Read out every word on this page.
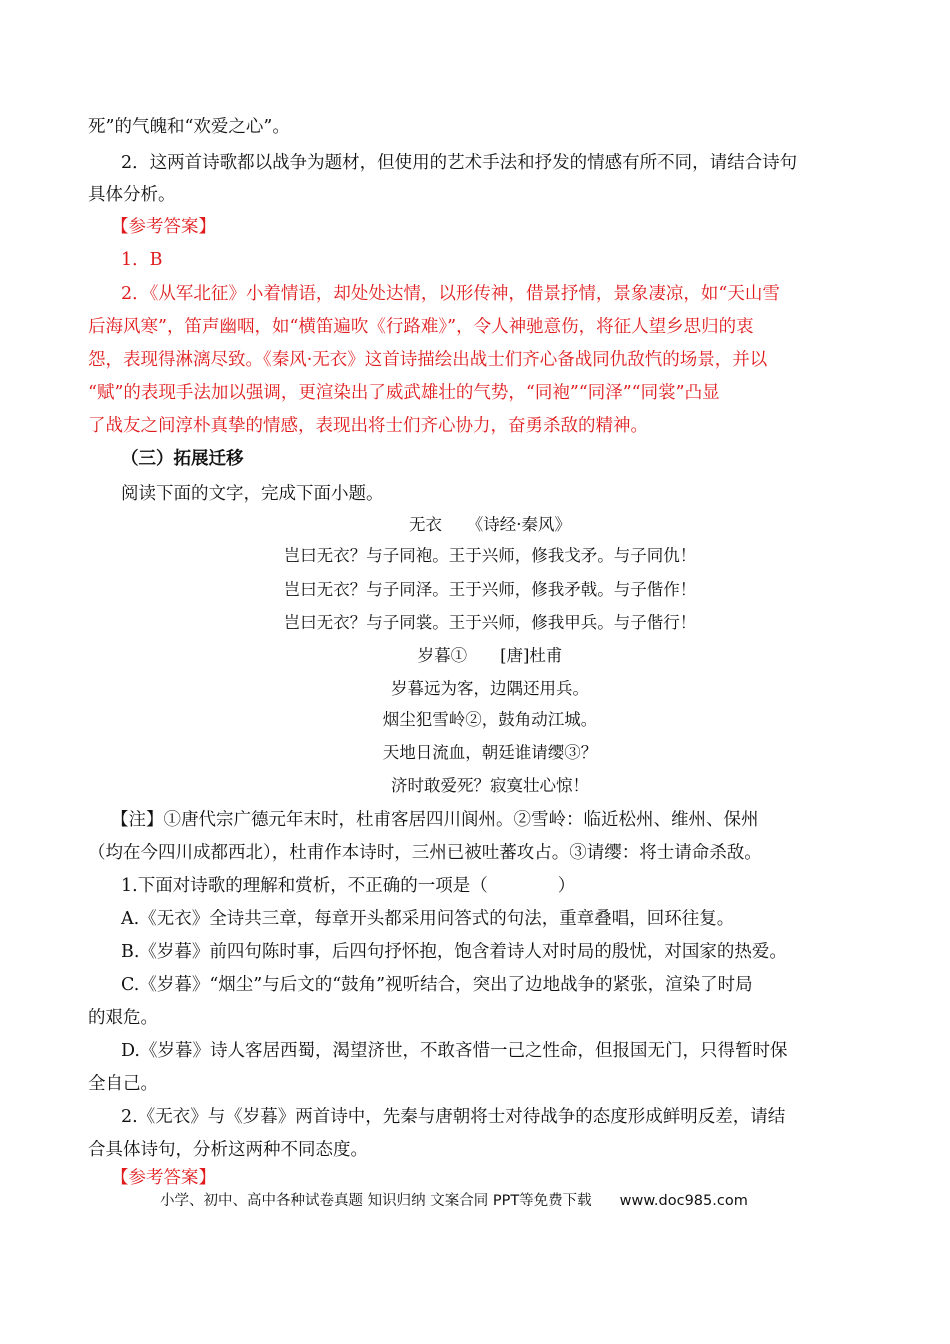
死”的气魄和“欢爱之心”。
2．这两首诗歌都以战争为题材，但使用的艺术手法和抒发的情感有所不同，请结合诗句
具体分析。
【参考答案】
1．B
2．《从军北征》小着情语，却处处达情，以形传神，借景抒情，景象凄凉，如“天山雪
后海风寒”，笛声幽咽，如“横笛遍吹《行路难》”，令人神驰意伤，将征人望乡思归的衷
怨，表现得淋漓尽致。《秦风·无衣》这首诗描绘出战士们齐心备战同仇敌忾的场景，并以
“赋”的表现手法加以强调，更渲染出了威武雄壮的气势，“同袍”“同泽”“同裳”凸显
了战友之间淳朴真挚的情感，表现出将士们齐心协力，奋勇杀敌的精神。
（三）拓展迁移
阅读下面的文字，完成下面小题。
无衣　　《诗经·秦风》
岂曰无衣？与子同袍。王于兴师，修我戈矛。与子同仇！
岂曰无衣？与子同泽。王于兴师，修我矛戟。与子偕作！
岂曰无衣？与子同裳。王于兴师，修我甲兵。与子偕行！
岁暮①　　[唐]杜甫
岁暮远为客，边隅还用兵。
烟尘犯雪岭②，鼓角动江城。
天地日流血，朝廷谁请缨③？
济时敢爱死？寂寞壮心惊！
【注】①唐代宗广德元年末时，杜甫客居四川阆州。②雪岭：临近松州、维州、保州
（均在今四川成都西北），杜甫作本诗时，三州已被吐蕃攻占。③请缨：将士请命杀敌。
1.下面对诗歌的理解和赏析，不正确的一项是（　　　　）
A.《无衣》全诗共三章，每章开头都采用问答式的句法，重章叠唱，回环往复。
B.《岁暮》前四句陈时事，后四句抒怀抱，饱含着诗人对时局的殷忧，对国家的热爱。
C.《岁暮》“烟尘”与后文的“鼓角”视听结合，突出了边地战争的紧张，渲染了时局
的艰危。
D.《岁暮》诗人客居西蜀，渴望济世，不敢吝惜一己之性命，但报国无门，只得暂时保
全自己。
2.《无衣》与《岁暮》两首诗中，先秦与唐朝将士对待战争的态度形成鲜明反差，请结
合具体诗句，分析这两种不同态度。
【参考答案】
小学、初中、高中各种试卷真题 知识归纳 文案合同 PPT等免费下载 www.doc985.com
